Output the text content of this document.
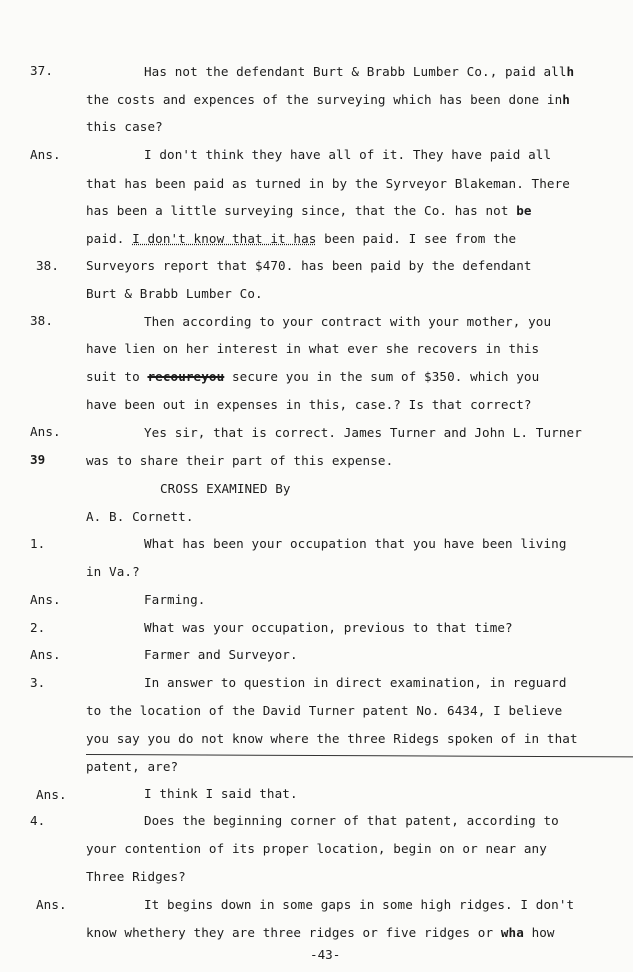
37.	Has not the defendant Burt & Brabb Lumber Co., paid allh
the costs and expences of the surveying which has been done inh
this case?
Ans.	I don't think they have all of it. They have paid all
that has been paid as turned in by the Syrveyor Blakeman. There
has been a little surveying since, that the Co. has not be
paid. I don't know that it has been paid. I see from the
38. Surveyors report that $470. has been paid by the defendant
Burt & Brabb Lumber Co.
38.	Then according to your contract with your mother, you
have lien on her interest in what ever she recovers in this
suit to recoureyou secure you in the sum of $350. which you
have been out in expenses in this, case.? Is that correct?
Ans.	Yes sir, that is correct. James Turner and John L. Turner
39	was to share their part of this expense.
CROSS EXAMINED By
A. B. Cornett.
1.	What has been your occupation that you have been living
in Va.?
Ans.	Farming.
2.	What was your occupation, previous to that time?
Ans.	Farmer and Surveyor.
3.	In answer to question in direct examination, in reguard
to the location of the David Turner patent No. 6434, I believe
you say you do not know where the three Ridegs spoken of in that
patent, are?
Ans.	I think I said that.
4.	Does the beginning corner of that patent, according to
your contention of its proper location, begin on or near any
Three Ridges?
Ans.	It begins down in some gaps in some high ridges. I don't
know whethery they are three ridges or five ridges or wha how
-43-
